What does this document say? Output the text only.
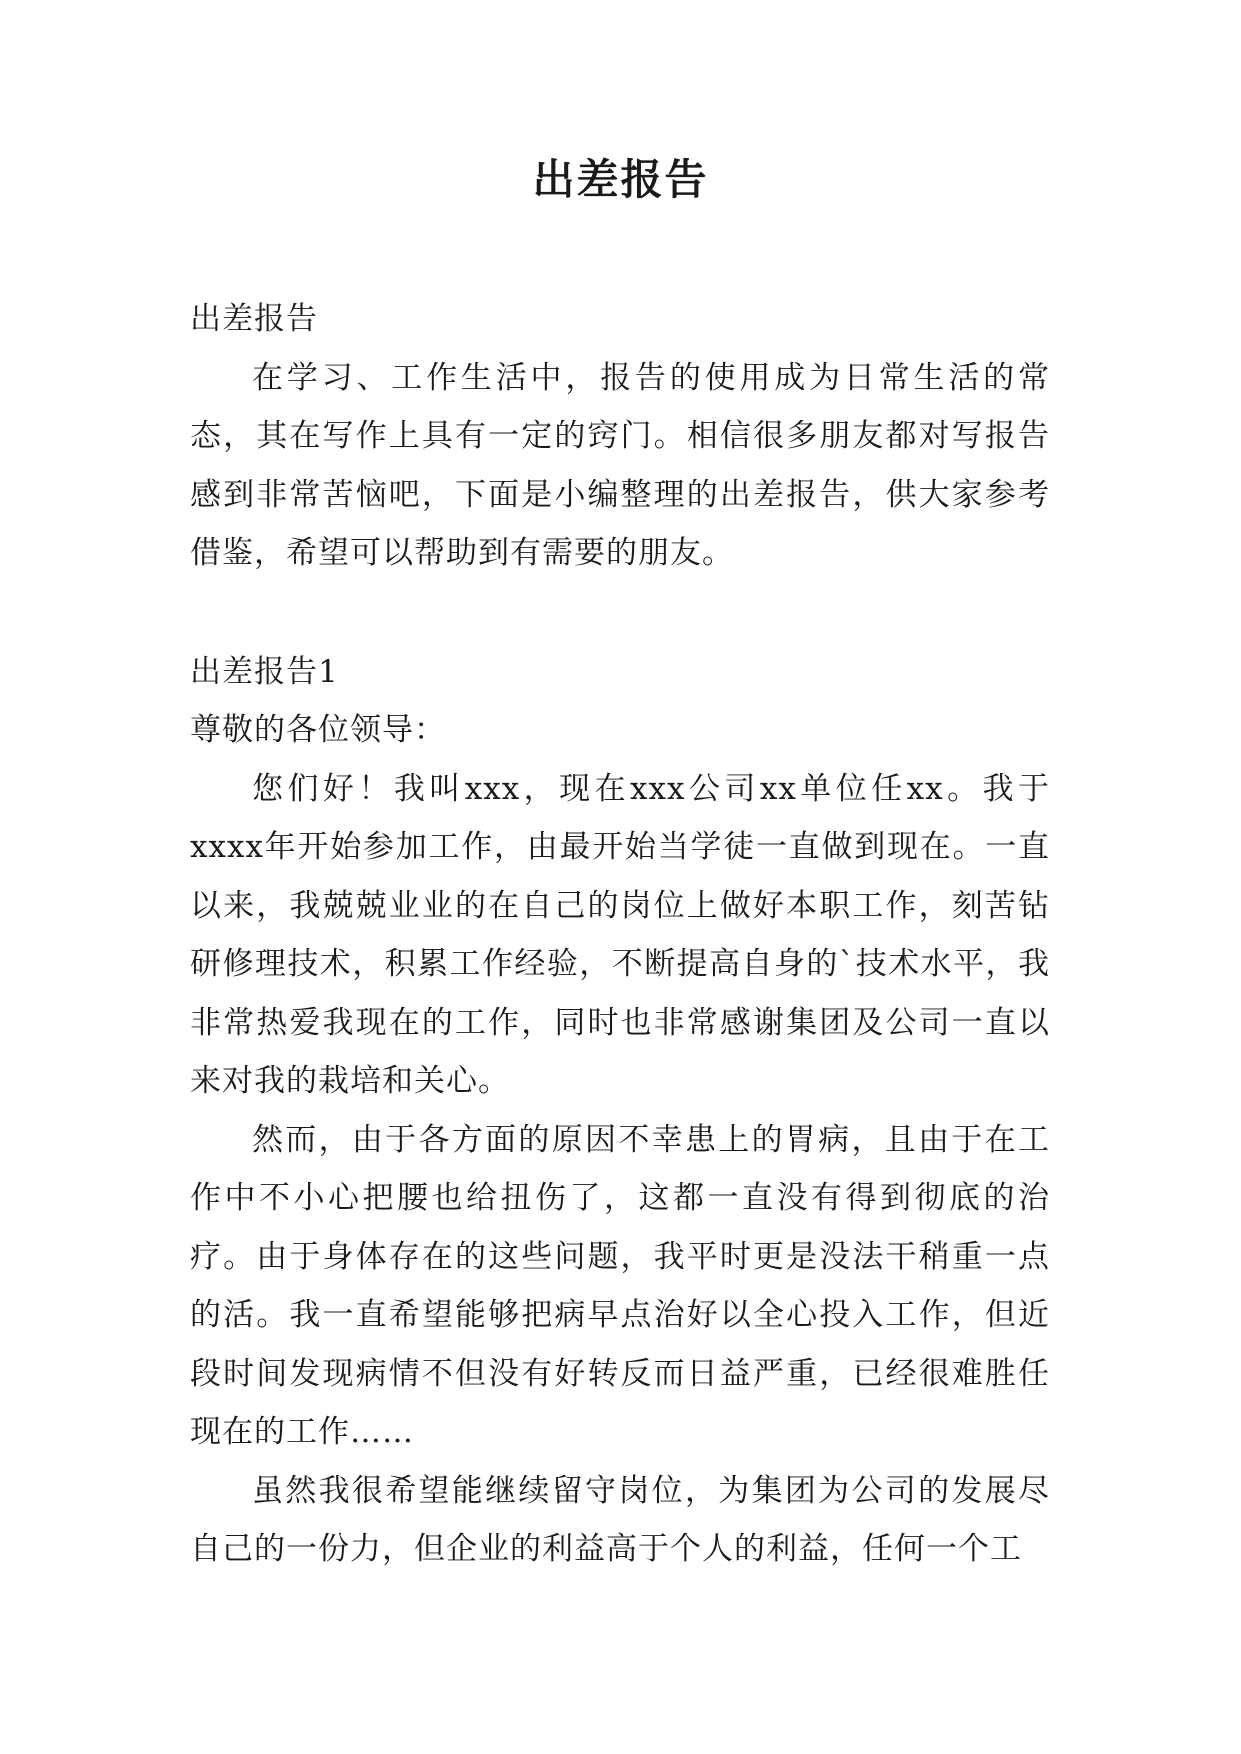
出差报告

出差报告

在学习、工作生活中，报告的使用成为日常生活的常态，其在写作上具有一定的窍门。相信很多朋友都对写报告感到非常苦恼吧，下面是小编整理的出差报告，供大家参考借鉴，希望可以帮助到有需要的朋友。

出差报告1

尊敬的各位领导：

您们好！我叫xxx，现在xxx公司xx单位任xx。我于xxxx年开始参加工作，由最开始当学徒一直做到现在。一直以来，我兢兢业业的在自己的岗位上做好本职工作，刻苦钻研修理技术，积累工作经验，不断提高自身的`技术水平，我非常热爱我现在的工作，同时也非常感谢集团及公司一直以来对我的栽培和关心。

然而，由于各方面的原因不幸患上的胃病，且由于在工作中不小心把腰也给扭伤了，这都一直没有得到彻底的治疗。由于身体存在的这些问题，我平时更是没法干稍重一点的活。我一直希望能够把病早点治好以全心投入工作，但近段时间发现病情不但没有好转反而日益严重，已经很难胜任现在的工作……

虽然我很希望能继续留守岗位，为集团为公司的发展尽自己的一份力，但企业的利益高于个人的利益，任何一个工
